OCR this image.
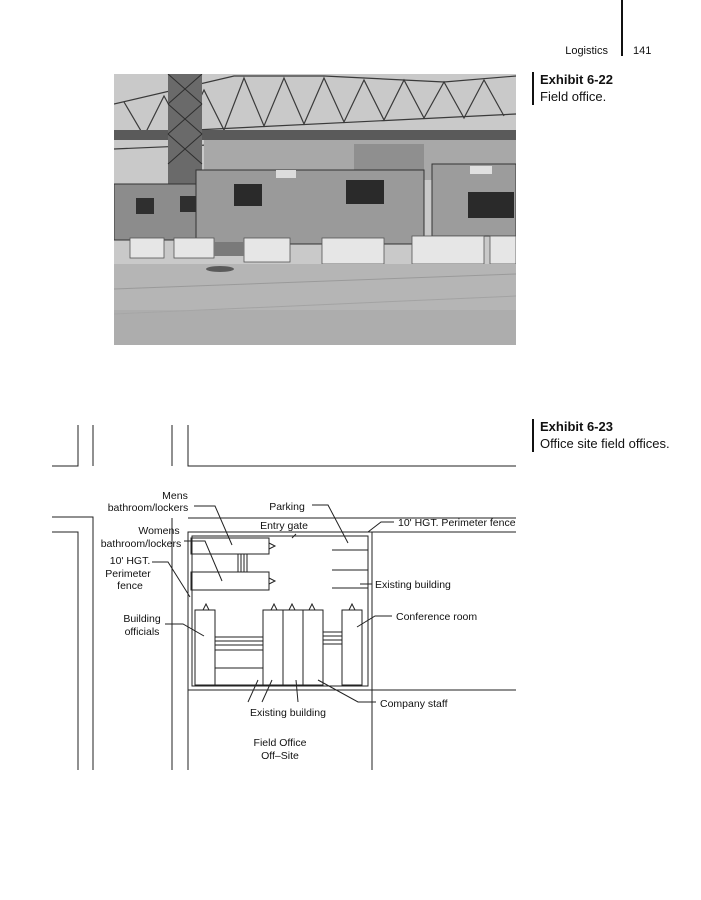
Logistics 141
Exhibit 6-22
Field office.
Exhibit 6-23
Office site field offices.
Mens
bathroom/lockers
Womens
bathroom/lockers
10' HGT.
Perimeter
fence
Parking
Entry gate
Building
officials
Existing building
Field Office
Off–Site
10' HGT. Perimeter fence
Existing building
Conference room
Company staff
